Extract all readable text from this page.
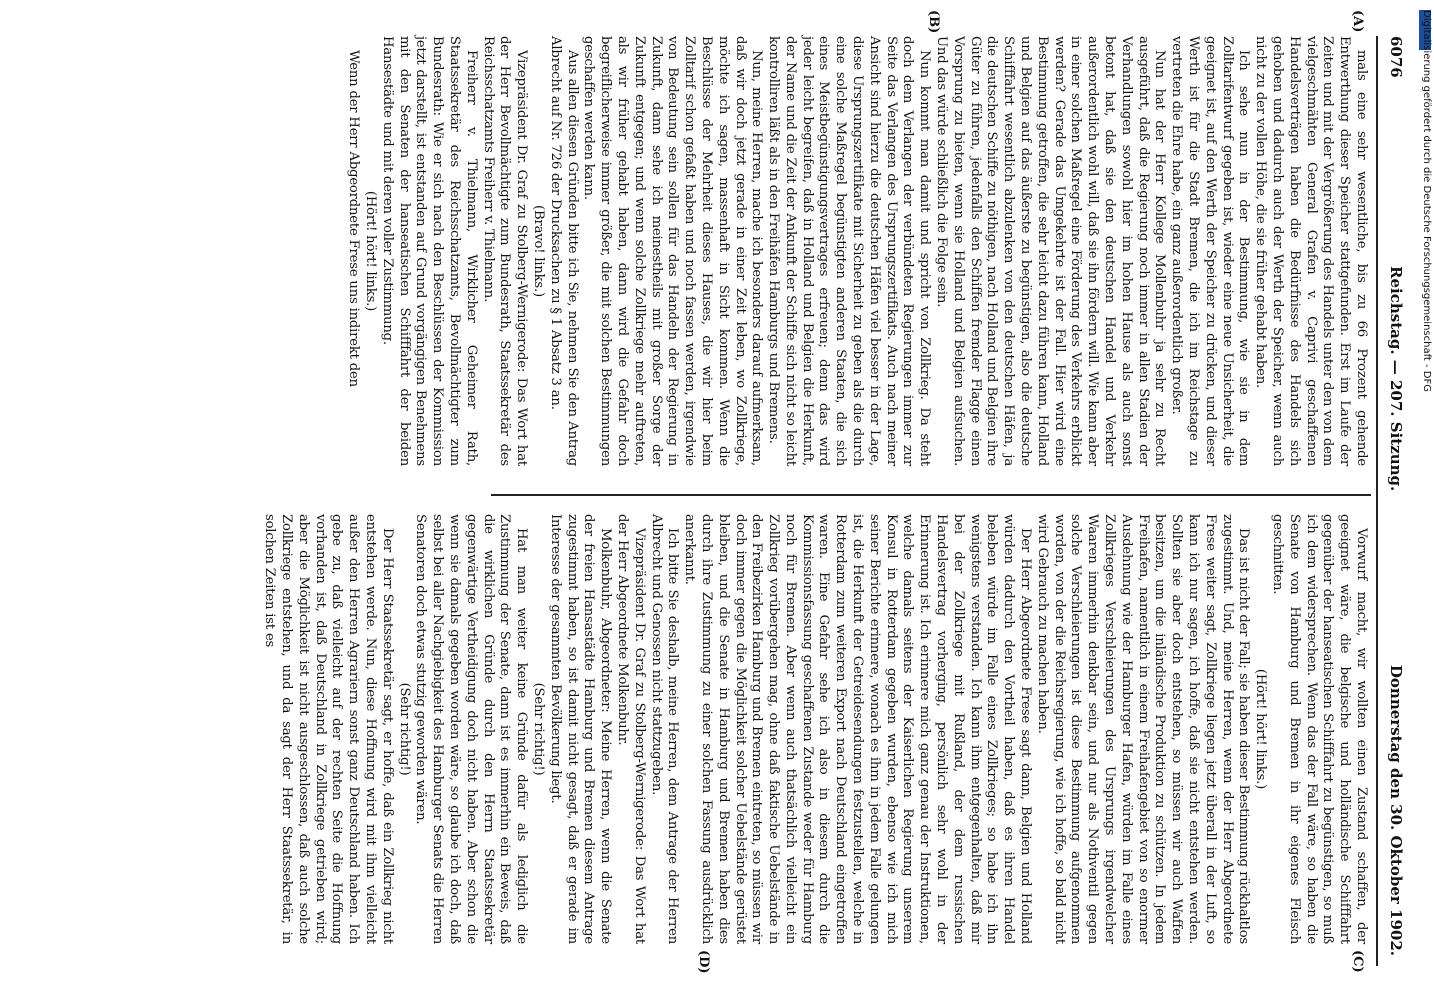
6076
Reichstag. — 207. Sitzung.
Donnerstag den 30. Oktober 1902.

mals eine sehr wesentliche, bis zu 66 Prozent gehende Entwerthung dieser Speicher stattgefunden. Erst im Laufe der Zeiten und mit der Vergrößerung des Handels unter den von dem vielgeschmähten General Grafen v. Caprivi geschaffenen Handelsverträgen haben die Bedürfnisse des Handels sich gehoben und dadurch auch der Werth der Speicher, wenn auch nicht zu der vollen Höhe, die sie früher gehabt haben.

Ich sehe nun in der Bestimmung, wie sie in dem Zolltarifentwurf gegeben ist, wieder eine neue Unsicherheit, die geeignet ist, auf den Werth der Speicher zu drücken, und dieser Werth ist für die Stadt Bremen, die ich im Reichstage zu vertreten die Ehre habe, ein ganz außerordentlich großer.

Nun hat der Herr Kollege Mollenbuhr ja sehr zu Recht ausgeführt, daß die Regierung noch immer in allen Stadien der Verhandlungen sowohl hier im hohen Hause als auch sonst betont hat, daß sie den deutschen Handel und Verkehr außerordentlich wohl will, daß sie ihn fördern will. Wie kann aber in einer solchen Maßregel eine Förderung des Verkehrs erblickt werden? Gerade das Umgekehrte ist der Fall. Hier wird eine Bestimmung getroffen, die sehr leicht dazu führen kann, Holland und Belgien auf das äußerste zu begünstigen, also die deutsche Schifffahrt wesentlich abzulenken von den deutschen Häfen, ja die deutschen Schiffe zu nöthigen, nach Holland und Belgien ihre Güter zu führen, jedenfalls den Schiffen fremder Flagge einen Vorsprung zu bieten, wenn sie Holland und Belgien aufsuchen. Und das würde schließlich die Folge sein.

Nun kommt man damit und spricht von Zollkrieg. Da steht doch dem Verlangen der verbündeten Regierungen immer zur Seite das Verlangen des Ursprungszertifikats. Auch nach meiner Ansicht sind hierzu die deutschen Häfen viel besser in der Lage, diese Ursprungszertifikate mit Sicherheit zu geben als die durch eine solche Maßregel begünstigten anderen Staaten, die sich eines Meistbegünstigungsvertrages erfreuen; denn das wird jeder leicht begreifen, daß in Holland und Belgien die Herkunft, der Name und die Zeit der Ankunft der Schiffe sich nicht so leicht kontrolliren läßt als in den Freihäfen Hamburgs und Bremens.

Nun, meine Herren, mache ich besonders darauf aufmerksam, daß wir doch jetzt gerade in einer Zeit leben, wo Zollkriege, möchte ich sagen, massenhaft in Sicht kommen. Wenn die Beschlüsse der Mehrheit dieses Hauses, die wir hier beim Zolltarif schon gefaßt haben und noch fassen werden, irgendwie von Bedeutung sein sollen für das Handeln der Regierung in Zukunft, dann sehe ich meinestheils mit großer Sorge der Zukunft entgegen; und wenn solche Zollkriege mehr auftreten, als wir früher gehabt haben, dann wird die Gefahr doch begreiflicherweise immer größer, die mit solchen Bestimmungen geschaffen werden kann.

Aus allen diesen Gründen bitte ich Sie, nehmen Sie den Antrag Albrecht auf Nr. 726 der Drucksachen zu § 1 Absatz 3 an.

(Bravo! links.)

Vizepräsident Dr. Graf zu Stolberg-Wernigerode: Das Wort hat der Herr Bevollmächtigte zum Bundesrath, Staatssekretär des Reichsschatzamts Freiherr v. Thielmann.

Freiherr v. Thielmann, Wirklicher Geheimer Rath, Staatssekretär des Reichsschatzamts, Bevollmächtigter zum Bundesrath: Wie er sich nach den Beschlüssen der Kommission jetzt darstellt, ist entstanden auf Grund vorgängigen Benehmens mit den Senaten der hanseatischen Schifffahrt der beiden Hansestädte und mit deren voller Zustimmung.

(Hört! hört! links.)

Wenn der Herr Abgeordnete Frese uns indirekt den

Vorwurf macht, wir wollten einen Zustand schaffen, der geeignet wäre, die belgische und holländische Schifffahrt gegenüber der hanseatischen Schifffahrt zu begünstigen, so muß ich dem widersprechen. Wenn das der Fall wäre, so haben die Senate von Hamburg und Bremen in ihr eigenes Fleisch geschnitten.

(Hört! hört! links.)

Das ist nicht der Fall; sie haben dieser Bestimmung rückhaltlos zugestimmt. Und, meine Herren, wenn der Herr Abgeordnete Frese weiter sagt, Zollkriege liegen jetzt überall in der Luft, so kann ich nur sagen, ich hoffe, daß sie nicht entstehen werden. Sollten sie aber doch entstehen, so müssen wir auch Waffen besitzen, um die inländische Produktion zu schützen. In jedem Freihafen, namentlich in einem Freihafengebiet von so enormer Ausdehnung wie der Hamburger Hafen, würden im Falle eines Zollkrieges Verschleierungen des Ursprungs irgendwelcher Waaren immerhin denkbar sein, und nur als Nothventil gegen solche Verschleierungen ist diese Bestimmung aufgenommen worden, von der die Reichsregierung, wie ich hoffe, so bald nicht wird Gebrauch zu machen haben.

Der Herr Abgeordnete Frese sagt dann, Belgien und Holland würden dadurch den Vortheil haben, daß es ihren Handel beleben würde im Falle eines Zollkrieges; so habe ich ihn wenigstens verstanden. Ich kann ihm entgegenhalten, daß mir bei der Zollkriege mit Rußland, der dem russischen Handelsvertrag vorherging, persönlich sehr wohl in der Erinnerung ist. Ich erinnere mich ganz genau der Instruktionen, welche damals seitens der Kaiserlichen Regierung unserem Konsul in Rotterdam gegeben wurden, ebenso wie ich mich seiner Berichte erinnere, wonach es ihm in jedem Falle gelungen ist, die Herkunft der Getreidesendungen festzustellen, welche in Rotterdam zum weiteren Export nach Deutschland eingetroffen waren. Eine Gefahr sehe ich also in diesem durch die Kommissionsfassung geschaffenen Zustande weder für Hamburg noch für Bremen. Aber wenn auch thatsächlich vielleicht ein Zollkrieg vorübergehen mag, ohne daß faktische Uebelstände in den Freibezirken Hamburg und Bremen eintreten, so müssen wir doch immer gegen die Möglichkeit solcher Uebelstände gerüstet bleiben, und die Senate in Hamburg und Bremen haben dies durch ihre Zustimmung zu einer solchen Fassung ausdrücklich anerkannt.

Ich bitte Sie deshalb, meine Herren, dem Antrage der Herren Albrecht und Genossen nicht stattzugeben.

Vizepräsident Dr. Graf zu Stolberg-Wernigerode: Das Wort hat der Herr Abgeordnete Molkenbuhr.

Molkenbuhr, Abgeordneter: Meine Herren, wenn die Senate der freien Hansastädte Hamburg und Bremen diesem Antrage zugestimmt haben, so ist damit nicht gesagt, daß er gerade im Interesse der gesammten Bevölkerung liegt.

(Sehr richtig!)

Hat man weiter keine Gründe dafür als lediglich die Zustimmung der Senate, dann ist es immerhin ein Beweis, daß die wirklichen Gründe durch den Herrn Staatssekretär gegenwärtige Vertheidigung doch nicht haben. Aber schon die wenn sie damals gegeben worden wäre, so glaube ich doch, daß selbst bei aller Nachgiebigkeit des Hamburger Senats die Herren Senatoren doch etwas stutzig geworden wären.

(Sehr richtig!)

Der Herr Staatssekretär sagt, er hoffe, daß ein Zollkrieg nicht entstehen werde. Nun, diese Hoffnung wird mit ihm vielleicht außer den Herren Agrariern sonst ganz Deutschland haben. Ich gebe zu, daß vielleicht auf der rechten Seite die Hoffnung vorhanden ist, daß Deutschland in Zollkriege getrieben wird; aber die Möglichkeit ist nicht ausgeschlossen, daß auch solche Zollkriege entstehen, und da sagt der Herr Staatssekretär, in solchen Zeiten ist es

(A)
(B)
(C)
(D)
Digitalisierung gefördert durch die Deutsche Forschungsgemeinschaft - DFG
